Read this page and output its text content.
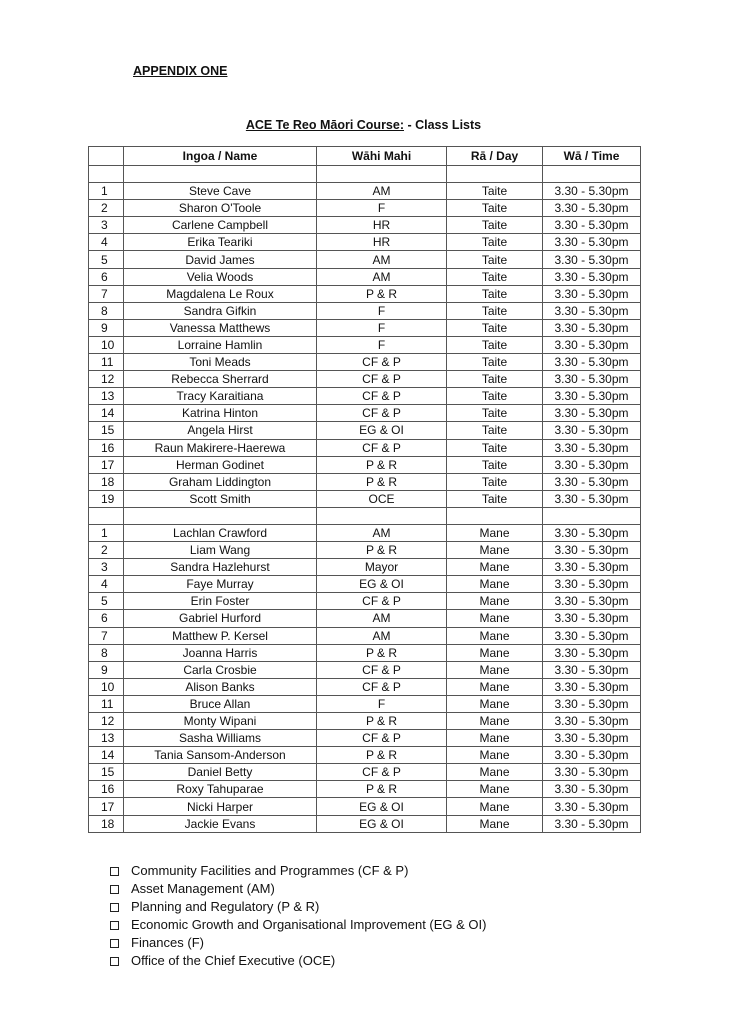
APPENDIX ONE
ACE Te Reo Māori Course: - Class Lists
	Ingoa / Name	Wāhi Mahi	Rā / Day	Wā / Time

1	Steve Cave	AM	Taite	3.30 - 5.30pm
2	Sharon O'Toole	F	Taite	3.30 - 5.30pm
3	Carlene Campbell	HR	Taite	3.30 - 5.30pm
4	Erika Teariki	HR	Taite	3.30 - 5.30pm
5	David James	AM	Taite	3.30 - 5.30pm
6	Velia Woods	AM	Taite	3.30 - 5.30pm
7	Magdalena Le Roux	P & R	Taite	3.30 - 5.30pm
8	Sandra Gifkin	F	Taite	3.30 - 5.30pm
9	Vanessa Matthews	F	Taite	3.30 - 5.30pm
10	Lorraine Hamlin	F	Taite	3.30 - 5.30pm
11	Toni Meads	CF & P	Taite	3.30 - 5.30pm
12	Rebecca Sherrard	CF & P	Taite	3.30 - 5.30pm
13	Tracy Karaitiana	CF & P	Taite	3.30 - 5.30pm
14	Katrina Hinton	CF & P	Taite	3.30 - 5.30pm
15	Angela Hirst	EG & OI	Taite	3.30 - 5.30pm
16	Raun Makirere-Haerewa	CF & P	Taite	3.30 - 5.30pm
17	Herman Godinet	P & R	Taite	3.30 - 5.30pm
18	Graham Liddington	P & R	Taite	3.30 - 5.30pm
19	Scott Smith	OCE	Taite	3.30 - 5.30pm

1	Lachlan Crawford	AM	Mane	3.30 - 5.30pm
2	Liam Wang	P & R	Mane	3.30 - 5.30pm
3	Sandra Hazlehurst	Mayor	Mane	3.30 - 5.30pm
4	Faye Murray	EG & OI	Mane	3.30 - 5.30pm
5	Erin Foster	CF & P	Mane	3.30 - 5.30pm
6	Gabriel Hurford	AM	Mane	3.30 - 5.30pm
7	Matthew P. Kersel	AM	Mane	3.30 - 5.30pm
8	Joanna Harris	P & R	Mane	3.30 - 5.30pm
9	Carla Crosbie	CF & P	Mane	3.30 - 5.30pm
10	Alison Banks	CF & P	Mane	3.30 - 5.30pm
11	Bruce Allan	F	Mane	3.30 - 5.30pm
12	Monty Wipani	P & R	Mane	3.30 - 5.30pm
13	Sasha Williams	CF & P	Mane	3.30 - 5.30pm
14	Tania Sansom-Anderson	P & R	Mane	3.30 - 5.30pm
15	Daniel Betty	CF & P	Mane	3.30 - 5.30pm
16	Roxy Tahuparae	P & R	Mane	3.30 - 5.30pm
17	Nicki Harper	EG & OI	Mane	3.30 - 5.30pm
18	Jackie Evans	EG & OI	Mane	3.30 - 5.30pm
Community Facilities and Programmes (CF & P)
Asset Management (AM)
Planning and Regulatory (P & R)
Economic Growth and Organisational Improvement (EG & OI)
Finances (F)
Office of the Chief Executive (OCE)
